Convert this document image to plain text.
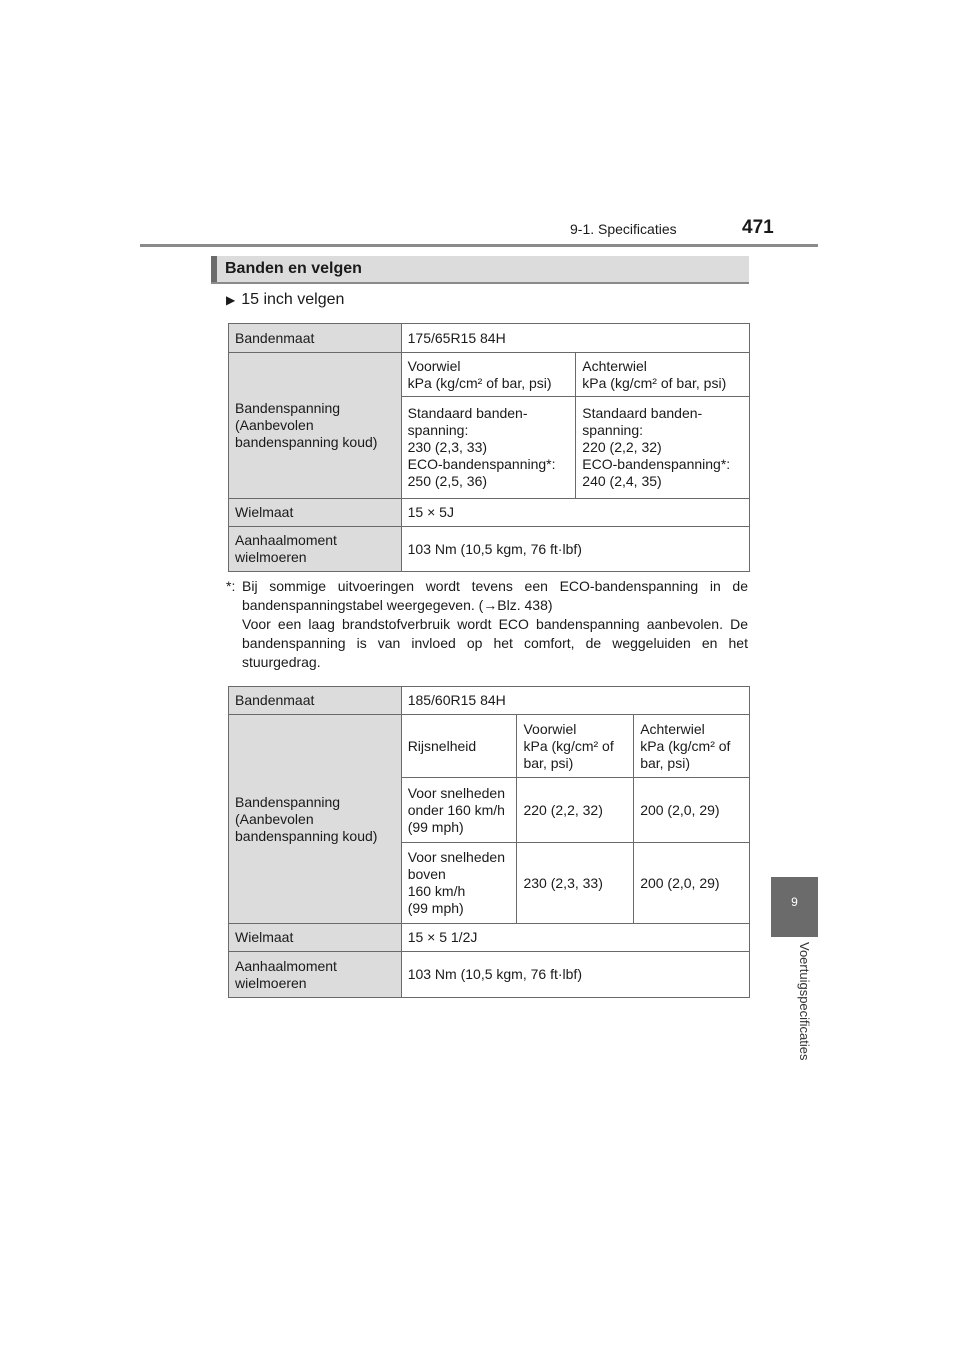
9-1. Specificaties	471
9
Voertuigspecificaties
Banden en velgen
▶ 15 inch velgen
Bandenmaat	175/65R15 84H	
Bandenspanning
(Aanbevolen
bandenspanning koud)	Voorwiel
kPa (kg/cm² of bar, psi)	Achterwiel
kPa (kg/cm² of bar, psi)
	Standaard banden-
spanning:
230 (2,3, 33)
ECO-bandenspanning*:
250 (2,5, 36)	Standaard banden-
spanning:
220 (2,2, 32)
ECO-bandenspanning*:
240 (2,4, 35)
Wielmaat	15 × 5J	
Aanhaalmoment
wielmoeren	103 Nm (10,5 kgm, 76 ft·lbf)	
*: Bij sommige uitvoeringen wordt tevens een ECO-bandenspanning in de bandenspanningstabel weergegeven. (→Blz. 438)

Voor een laag brandstofverbruik wordt ECO bandenspanning aanbevolen. De bandenspanning is van invloed op het comfort, de weggeluiden en het stuurgedrag.

Bandenmaat	185/60R15 84H		
Bandenspanning
(Aanbevolen
bandenspanning koud)	Rijsnelheid	Voorwiel
kPa (kg/cm² of
bar, psi)	Achterwiel
kPa (kg/cm² of
bar, psi)
	Voor snelheden
onder 160 km/h
(99 mph)	220 (2,2, 32)	200 (2,0, 29)
	Voor snelheden
boven
160 km/h
(99 mph)	230 (2,3, 33)	200 (2,0, 29)
Wielmaat	15 × 5 1/2J		
Aanhaalmoment
wielmoeren	103 Nm (10,5 kgm, 76 ft·lbf)		
